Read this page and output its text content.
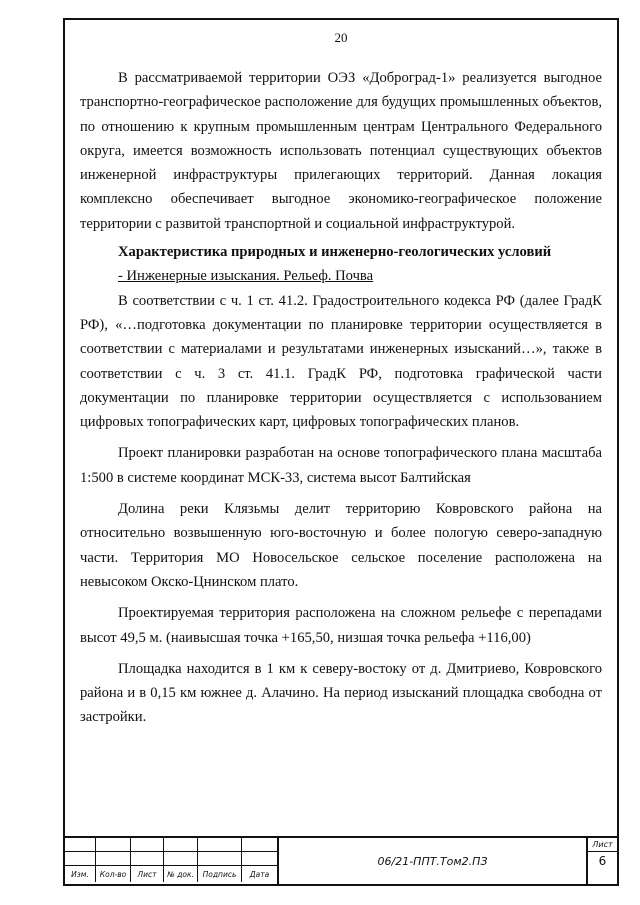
20

В рассматриваемой территории ОЭЗ «Доброград-1» реализуется выгодное транспортно-географическое расположение для будущих промышленных объектов, по отношению к крупным промышленным центрам Центрального Федерального округа, имеется возможность использовать потенциал существующих объектов инженерной инфраструктуры прилегающих территорий. Данная локация комплексно обеспечивает выгодное экономико-географическое положение территории с развитой транспортной и социальной инфраструктурой.

Характеристика природных и инженерно-геологических условий

- Инженерные изыскания. Рельеф. Почва

В соответствии с ч. 1 ст. 41.2. Градостроительного кодекса РФ (далее ГрадК РФ), «…подготовка документации по планировке территории осуществляется в соответствии с материалами и результатами инженерных изысканий…», также в соответствии с ч. 3 ст. 41.1. ГрадК РФ, подготовка графической части документации по планировке территории осуществляется с использованием цифровых топографических карт, цифровых топографических планов.

Проект планировки разработан на основе топографического плана масштаба 1:500 в системе координат МСК-33, система высот Балтийская

Долина реки Клязьмы делит территорию Ковровского района на относительно возвышенную юго-восточную и более пологую северо-западную части. Территория МО Новосельское сельское поселение расположена на невысоком Окско-Цнинском плато.

Проектируемая территория расположена на сложном рельефе с перепадами высот 49,5 м. (наивысшая точка +165,50, низшая точка рельефа +116,00)

Площадка находится в 1 км к северу-востоку от д. Дмитриево, Ковровского района и в 0,15 км южнее д. Алачино. На период изысканий площадка свободна от застройки.

Изм.	Кол-во	Лист	№ док.	Подпись	Дата
06/21-ППТ.Том2.ПЗ
Лист
6
